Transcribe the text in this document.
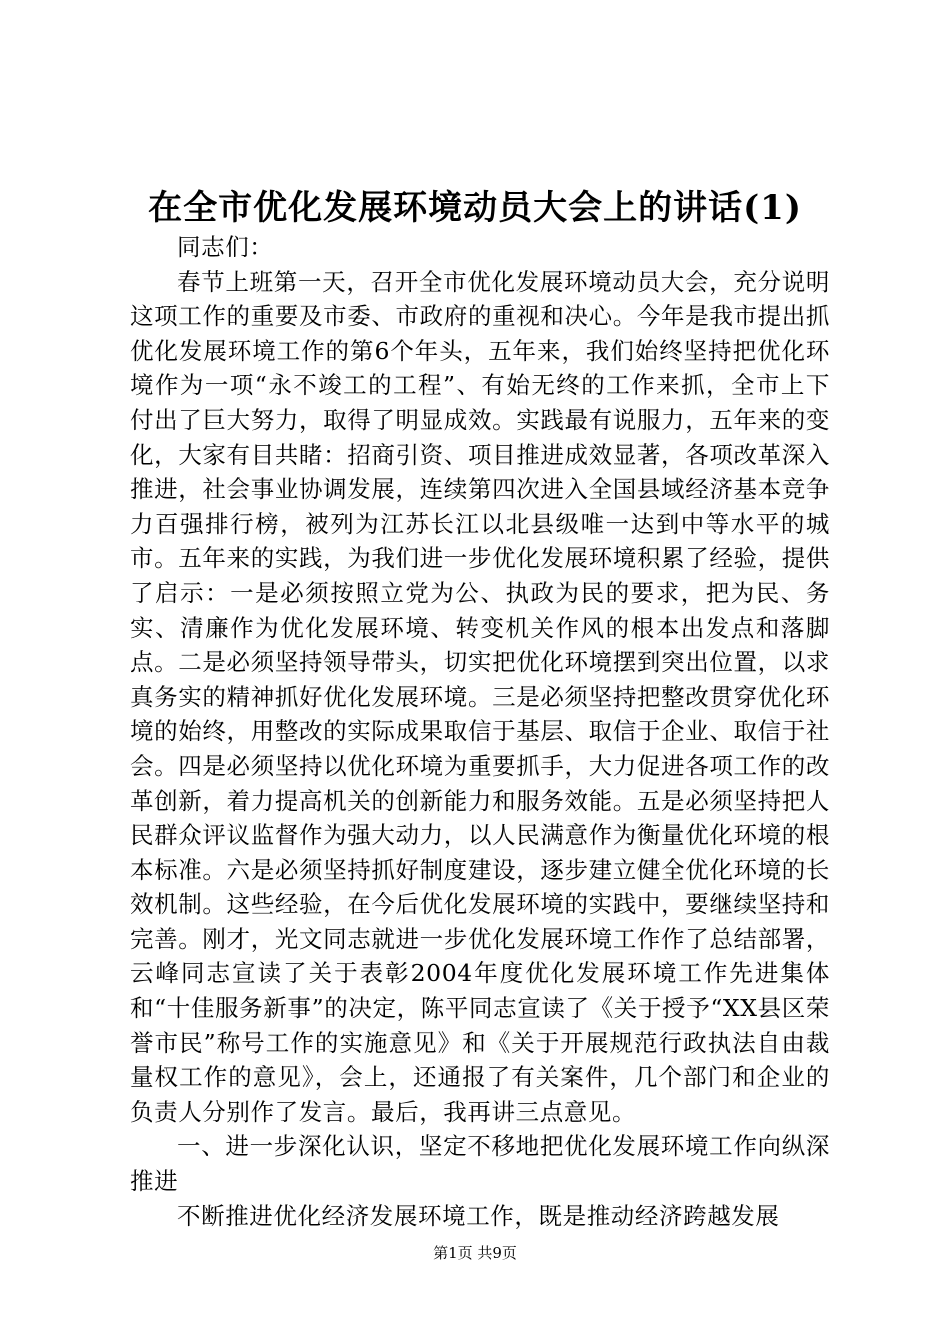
在全市优化发展环境动员大会上的讲话(1)

同志们：

春节上班第一天，召开全市优化发展环境动员大会，充分说明这项工作的重要及市委、市政府的重视和决心。今年是我市提出抓优化发展环境工作的第6个年头，五年来，我们始终坚持把优化环境作为一项“永不竣工的工程”、有始无终的工作来抓，全市上下付出了巨大努力，取得了明显成效。实践最有说服力，五年来的变化，大家有目共睹：招商引资、项目推进成效显著，各项改革深入推进，社会事业协调发展，连续第四次进入全国县域经济基本竞争力百强排行榜，被列为江苏长江以北县级唯一达到中等水平的城市。五年来的实践，为我们进一步优化发展环境积累了经验，提供了启示：一是必须按照立党为公、执政为民的要求，把为民、务实、清廉作为优化发展环境、转变机关作风的根本出发点和落脚点。二是必须坚持领导带头，切实把优化环境摆到突出位置，以求真务实的精神抓好优化发展环境。三是必须坚持把整改贯穿优化环境的始终，用整改的实际成果取信于基层、取信于企业、取信于社会。四是必须坚持以优化环境为重要抓手，大力促进各项工作的改革创新，着力提高机关的创新能力和服务效能。五是必须坚持把人民群众评议监督作为强大动力，以人民满意作为衡量优化环境的根本标准。六是必须坚持抓好制度建设，逐步建立健全优化环境的长效机制。这些经验，在今后优化发展环境的实践中，要继续坚持和完善。刚才，光文同志就进一步优化发展环境工作作了总结部署，云峰同志宣读了关于表彰2004年度优化发展环境工作先进集体和“十佳服务新事”的决定，陈平同志宣读了《关于授予“XX县区荣誉市民”称号工作的实施意见》和《关于开展规范行政执法自由裁量权工作的意见》，会上，还通报了有关案件，几个部门和企业的负责人分别作了发言。最后，我再讲三点意见。

一、进一步深化认识，坚定不移地把优化发展环境工作向纵深推进

不断推进优化经济发展环境工作，既是推动经济跨越发展

第1页 共9页
